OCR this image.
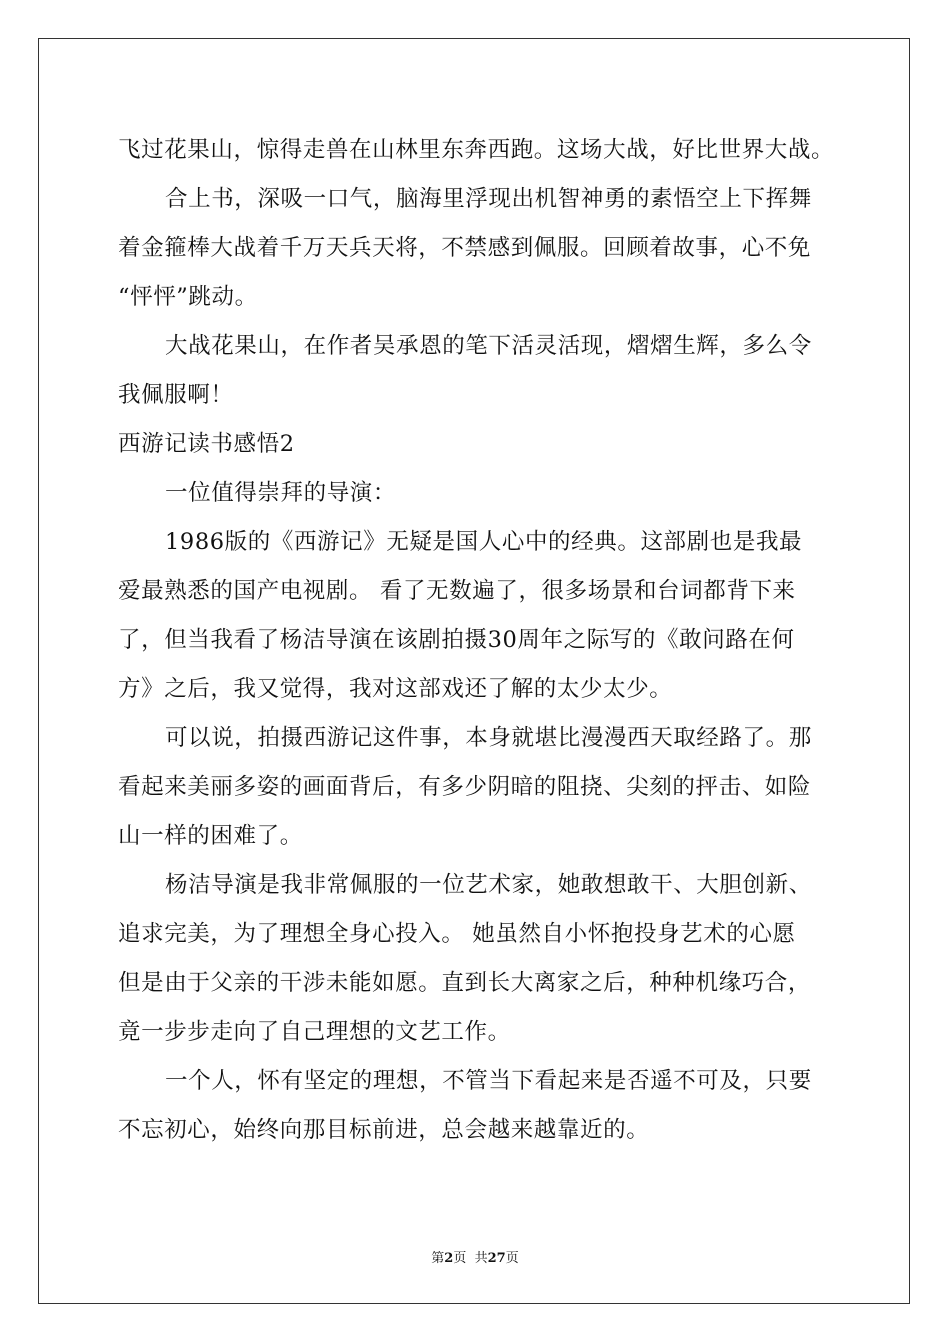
飞过花果山，惊得走兽在山林里东奔西跑。这场大战，好比世界大战。
合上书，深吸一口气，脑海里浮现出机智神勇的素悟空上下挥舞
着金箍棒大战着千万天兵天将，不禁感到佩服。回顾着故事，心不免
“怦怦”跳动。
大战花果山，在作者吴承恩的笔下活灵活现，熠熠生辉，多么令
我佩服啊！
西游记读书感悟2
一位值得崇拜的导演：
1986版的《西游记》无疑是国人心中的经典。这部剧也是我最
爱最熟悉的国产电视剧。 看了无数遍了，很多场景和台词都背下来
了，但当我看了杨洁导演在该剧拍摄30周年之际写的《敢问路在何
方》之后，我又觉得，我对这部戏还了解的太少太少。
可以说，拍摄西游记这件事，本身就堪比漫漫西天取经路了。那
看起来美丽多姿的画面背后，有多少阴暗的阻挠、尖刻的抨击、如险
山一样的困难了。
杨洁导演是我非常佩服的一位艺术家，她敢想敢干、大胆创新、
追求完美，为了理想全身心投入。 她虽然自小怀抱投身艺术的心愿
但是由于父亲的干涉未能如愿。直到长大离家之后，种种机缘巧合，
竟一步步走向了自己理想的文艺工作。
一个人，怀有坚定的理想，不管当下看起来是否遥不可及，只要
不忘初心，始终向那目标前进，总会越来越靠近的。
第2页  共27页
